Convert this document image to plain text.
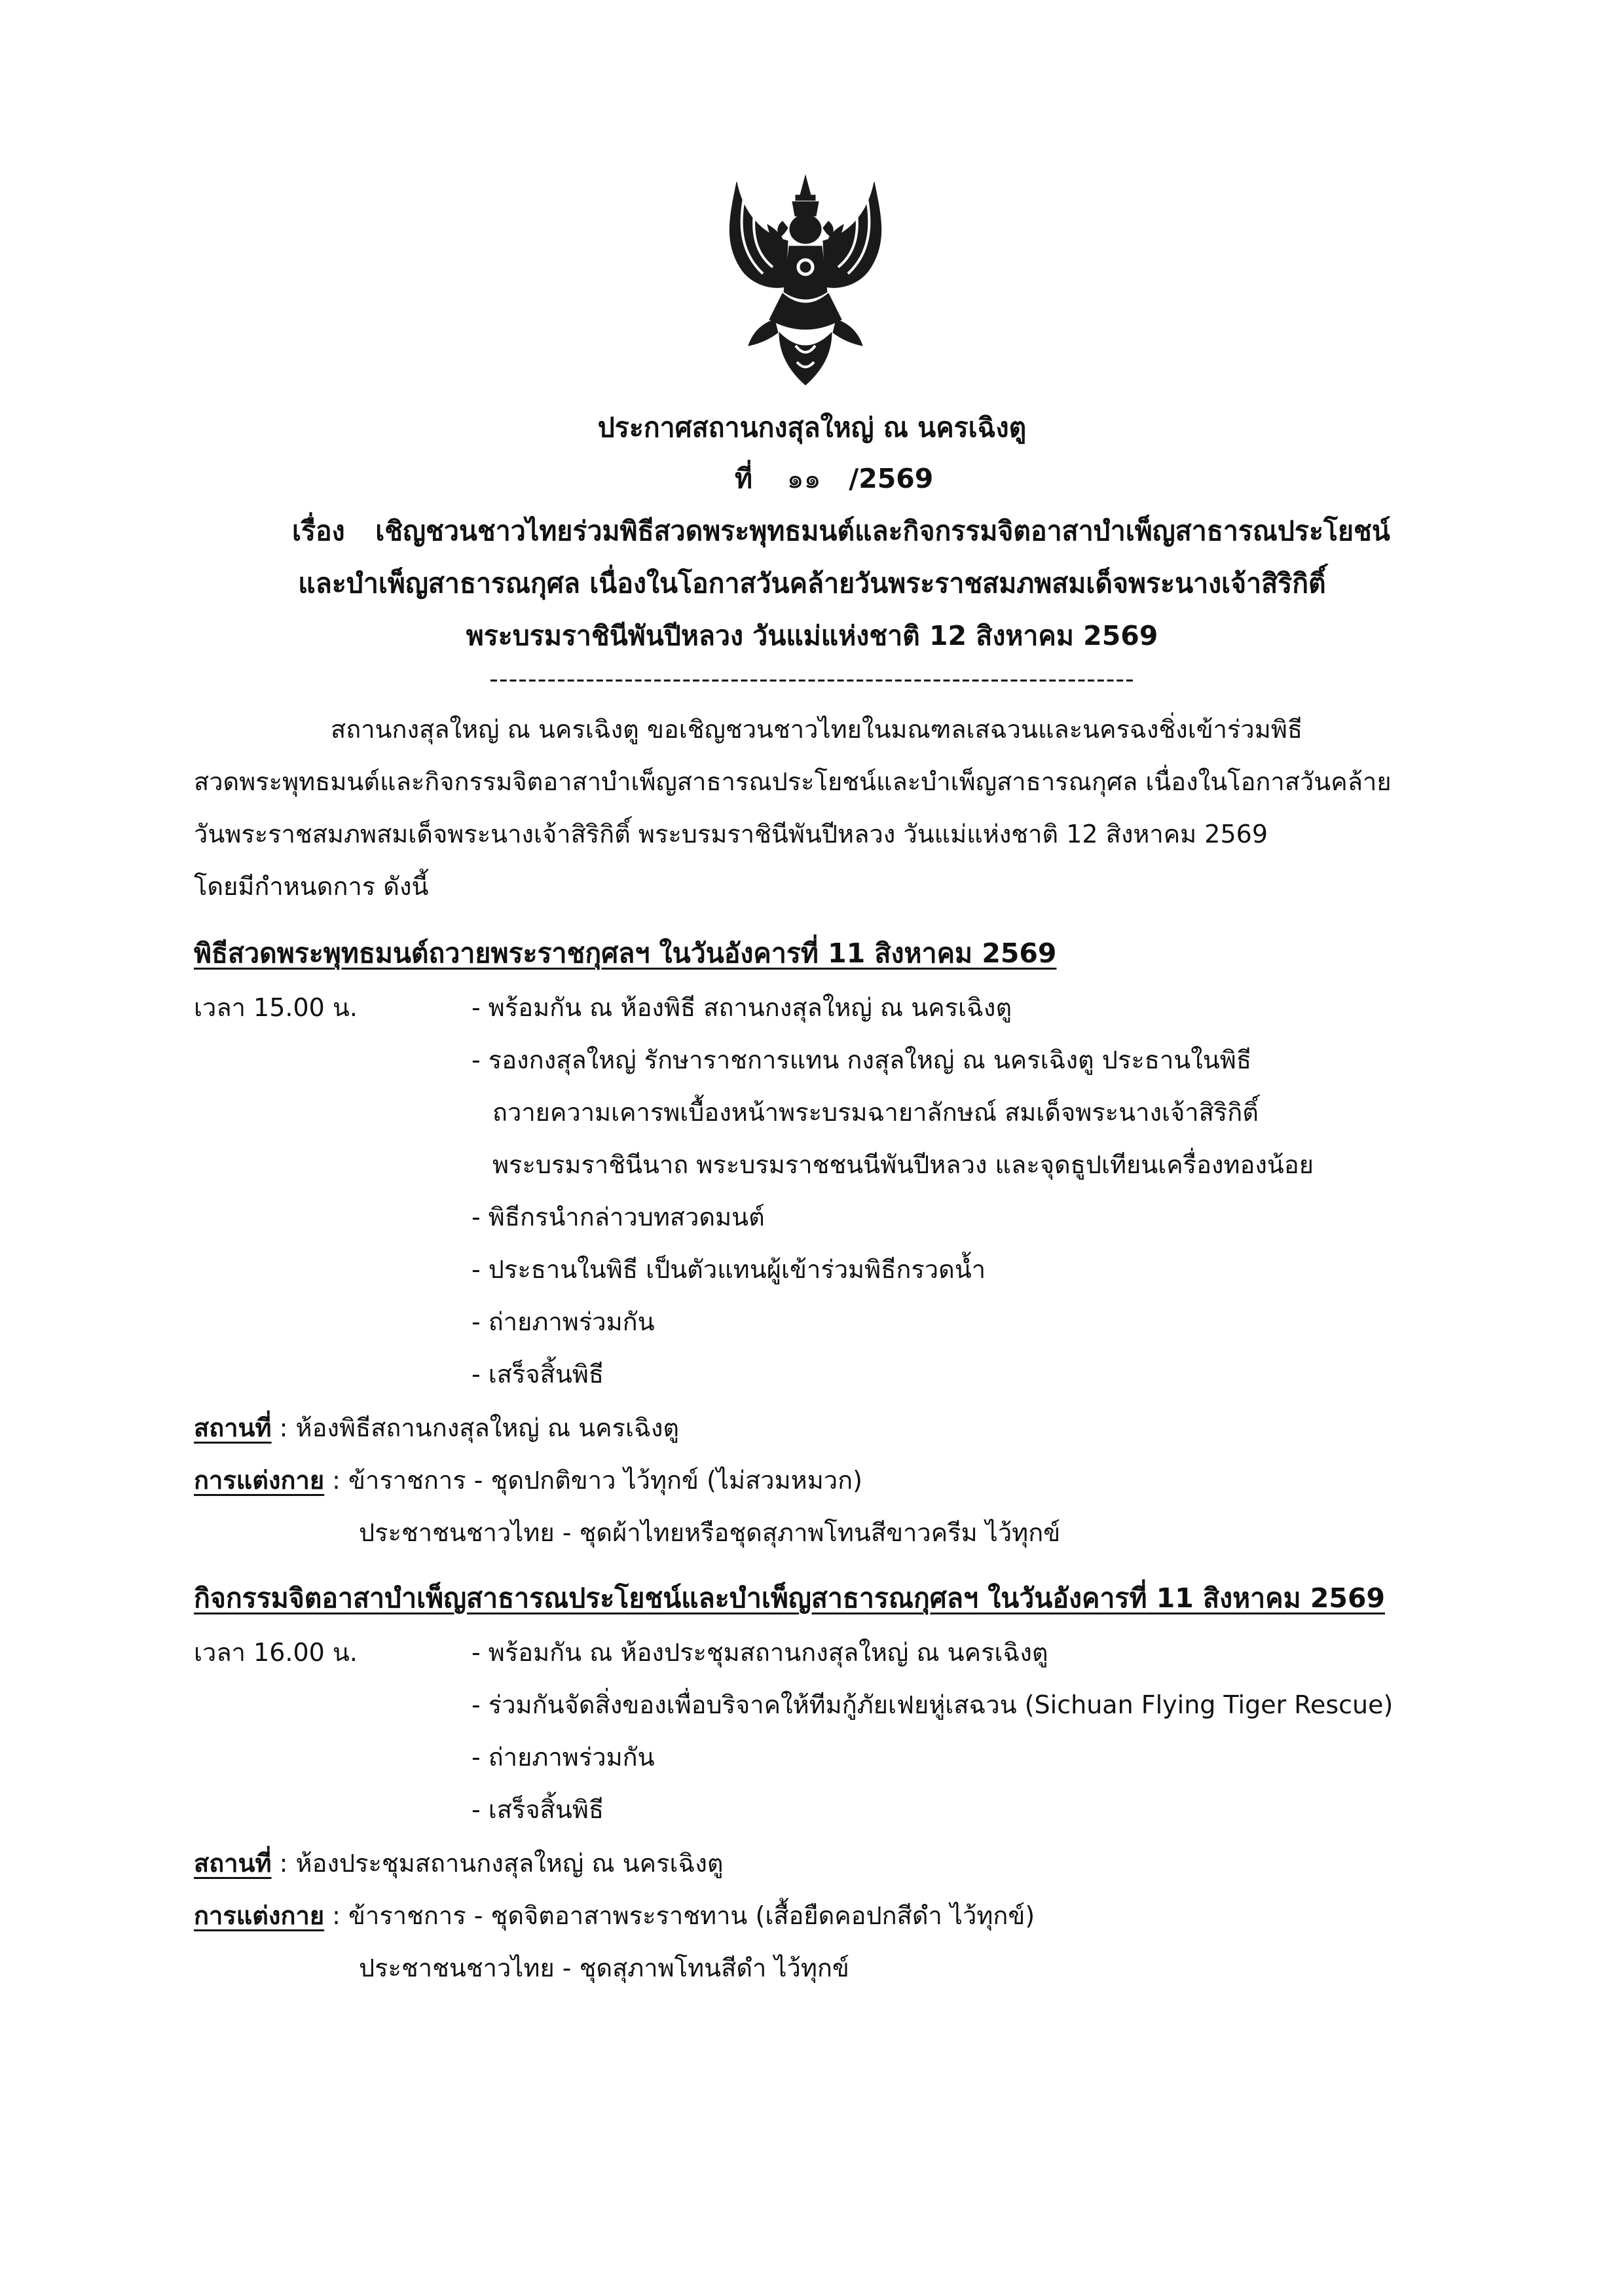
ประกาศสถานกงสุลใหญ่ ณ นครเฉิงตู
ที่ ๑๑ /2569
เรื่อง เชิญชวนชาวไทยร่วมพิธีสวดพระพุทธมนต์และกิจกรรมจิตอาสาบำเพ็ญสาธารณประโยชน์
และบำเพ็ญสาธารณกุศล เนื่องในโอกาสวันคล้ายวันพระราชสมภพสมเด็จพระนางเจ้าสิริกิติ์
พระบรมราชินีพันปีหลวง วันแม่แห่งชาติ 12 สิงหาคม 2569
-------------------------------------------------------------------
สถานกงสุลใหญ่ ณ นครเฉิงตู ขอเชิญชวนชาวไทยในมณฑลเสฉวนและนครฉงชิ่งเข้าร่วมพิธี
สวดพระพุทธมนต์และกิจกรรมจิตอาสาบำเพ็ญสาธารณประโยชน์และบำเพ็ญสาธารณกุศล เนื่องในโอกาสวันคล้าย
วันพระราชสมภพสมเด็จพระนางเจ้าสิริกิติ์ พระบรมราชินีพันปีหลวง วันแม่แห่งชาติ 12 สิงหาคม 2569
โดยมีกำหนดการ ดังนี้
พิธีสวดพระพุทธมนต์ถวายพระราชกุศลฯ ในวันอังคารที่ 11 สิงหาคม 2569
เวลา 15.00 น.	- พร้อมกัน ณ ห้องพิธี สถานกงสุลใหญ่ ณ นครเฉิงตู
- รองกงสุลใหญ่ รักษาราชการแทน กงสุลใหญ่ ณ นครเฉิงตู ประธานในพิธี
ถวายความเคารพเบื้องหน้าพระบรมฉายาลักษณ์ สมเด็จพระนางเจ้าสิริกิติ์
พระบรมราชินีนาถ พระบรมราชชนนีพันปีหลวง และจุดธูปเทียนเครื่องทองน้อย
- พิธีกรนำกล่าวบทสวดมนต์
- ประธานในพิธี เป็นตัวแทนผู้เข้าร่วมพิธีกรวดน้ำ
- ถ่ายภาพร่วมกัน
- เสร็จสิ้นพิธี
สถานที่ : ห้องพิธีสถานกงสุลใหญ่ ณ นครเฉิงตู
การแต่งกาย : ข้าราชการ - ชุดปกติขาว ไว้ทุกข์ (ไม่สวมหมวก)
ประชาชนชาวไทย - ชุดผ้าไทยหรือชุดสุภาพโทนสีขาวครีม ไว้ทุกข์
กิจกรรมจิตอาสาบำเพ็ญสาธารณประโยชน์และบำเพ็ญสาธารณกุศลฯ ในวันอังคารที่ 11 สิงหาคม 2569
เวลา 16.00 น.	- พร้อมกัน ณ ห้องประชุมสถานกงสุลใหญ่ ณ นครเฉิงตู
- ร่วมกันจัดสิ่งของเพื่อบริจาคให้ทีมกู้ภัยเฟยหู่เสฉวน (Sichuan Flying Tiger Rescue)
- ถ่ายภาพร่วมกัน
- เสร็จสิ้นพิธี
สถานที่ : ห้องประชุมสถานกงสุลใหญ่ ณ นครเฉิงตู
การแต่งกาย : ข้าราชการ - ชุดจิตอาสาพระราชทาน (เสื้อยืดคอปกสีดำ ไว้ทุกข์)
ประชาชนชาวไทย - ชุดสุภาพโทนสีดำ ไว้ทุกข์
